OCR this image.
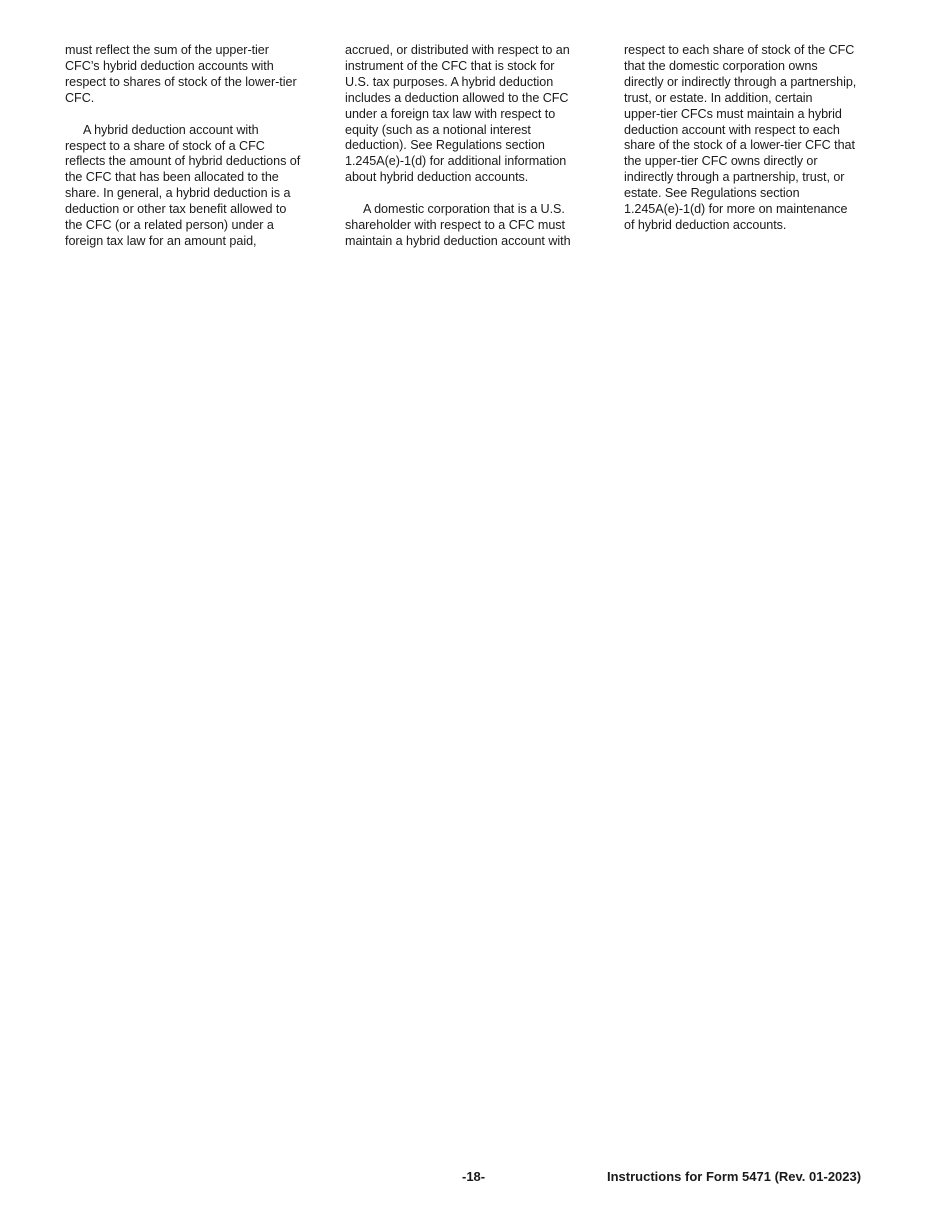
must reflect the sum of the upper-tier
CFC’s hybrid deduction accounts with
respect to shares of stock of the lower-tier
CFC.

A hybrid deduction account with
respect to a share of stock of a CFC
reflects the amount of hybrid deductions of
the CFC that has been allocated to the
share. In general, a hybrid deduction is a
deduction or other tax benefit allowed to
the CFC (or a related person) under a
foreign tax law for an amount paid,

accrued, or distributed with respect to an
instrument of the CFC that is stock for
U.S. tax purposes. A hybrid deduction
includes a deduction allowed to the CFC
under a foreign tax law with respect to
equity (such as a notional interest
deduction). See Regulations section
1.245A(e)-1(d) for additional information
about hybrid deduction accounts.

A domestic corporation that is a U.S.
shareholder with respect to a CFC must
maintain a hybrid deduction account with

respect to each share of stock of the CFC
that the domestic corporation owns
directly or indirectly through a partnership,
trust, or estate. In addition, certain
upper-tier CFCs must maintain a hybrid
deduction account with respect to each
share of the stock of a lower-tier CFC that
the upper-tier CFC owns directly or
indirectly through a partnership, trust, or
estate. See Regulations section
1.245A(e)-1(d) for more on maintenance
of hybrid deduction accounts.

-18-	Instructions for Form 5471 (Rev. 01-2023)
